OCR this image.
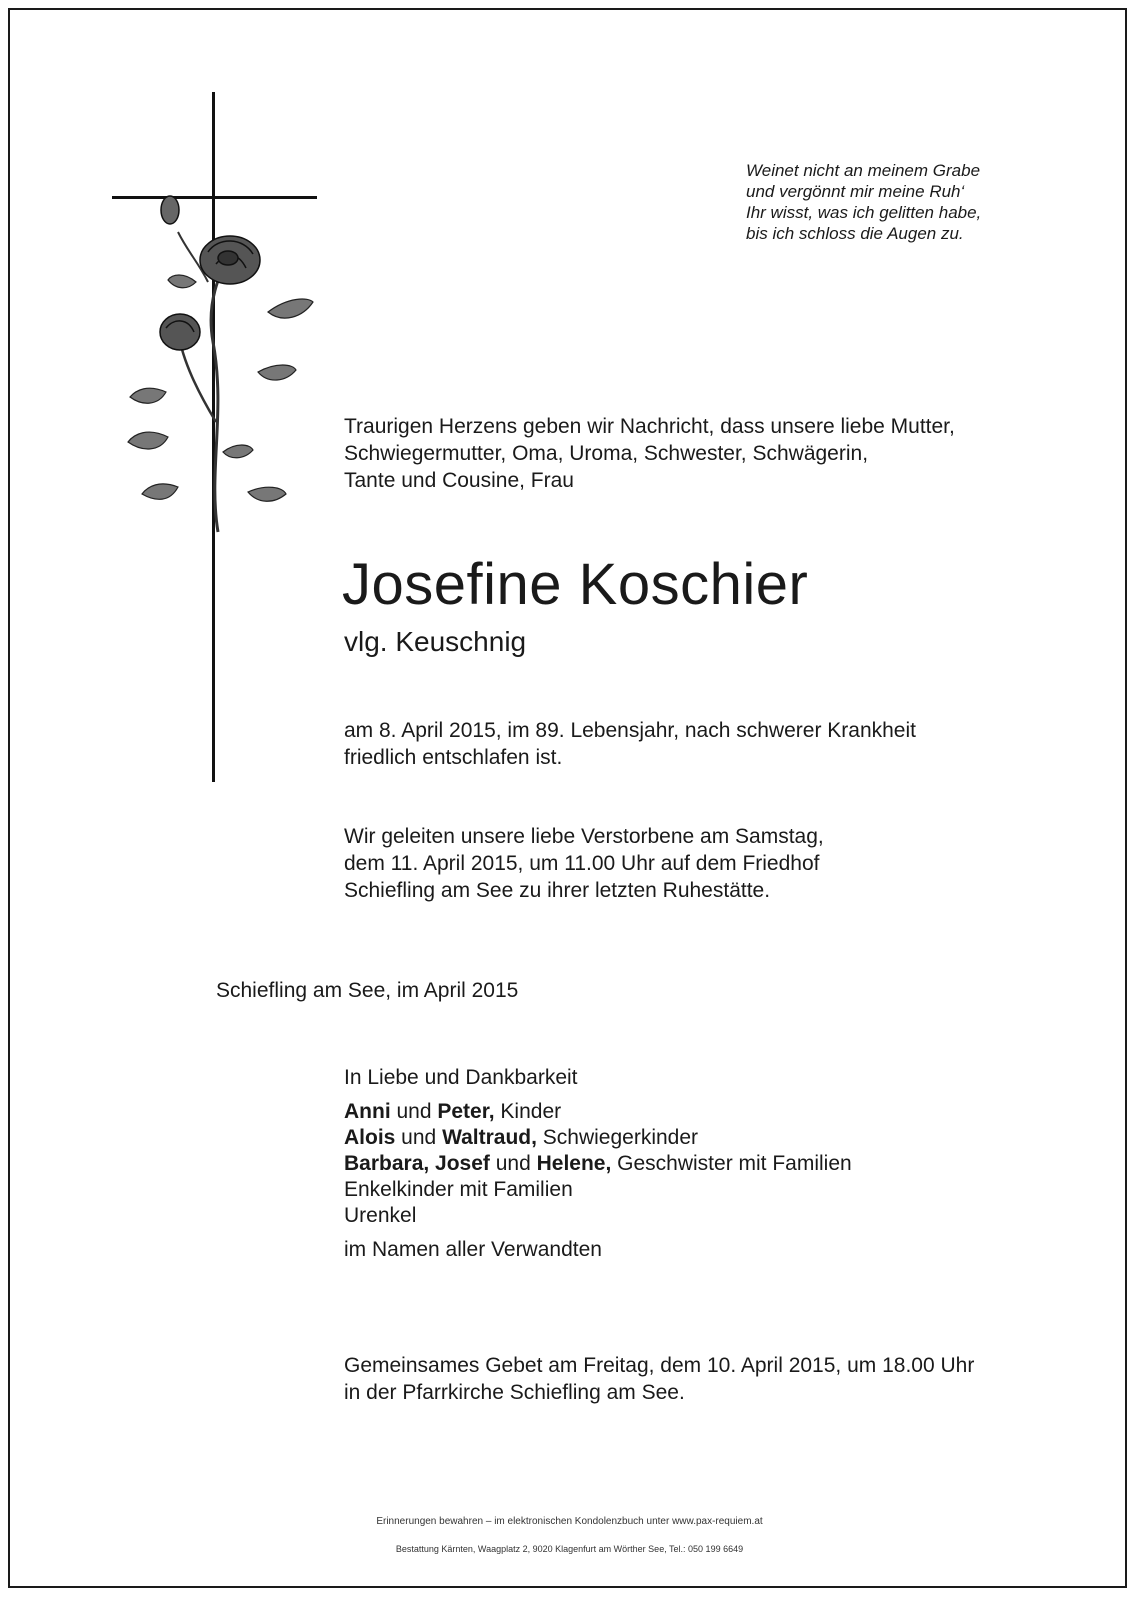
Weinet nicht an meinem Grabe
und vergönnt mir meine Ruh‘
Ihr wisst, was ich gelitten habe,
bis ich schloss die Augen zu.
Traurigen Herzens geben wir Nachricht, dass unsere liebe Mutter,
Schwiegermutter, Oma, Uroma, Schwester, Schwägerin,
Tante und Cousine, Frau
Josefine Koschier
vlg. Keuschnig
am 8. April 2015, im 89. Lebensjahr, nach schwerer Krankheit
friedlich entschlafen ist.
Wir geleiten unsere liebe Verstorbene am Samstag,
dem 11. April 2015, um 11.00 Uhr auf dem Friedhof
Schiefling am See zu ihrer letzten Ruhestätte.
Schiefling am See, im April 2015
In Liebe und Dankbarkeit
Anni und Peter, Kinder
Alois und Waltraud, Schwiegerkinder
Barbara, Josef und Helene, Geschwister mit Familien
Enkelkinder mit Familien
Urenkel
im Namen aller Verwandten
Gemeinsames Gebet am Freitag, dem 10. April 2015, um 18.00 Uhr
in der Pfarrkirche Schiefling am See.
Erinnerungen bewahren – im elektronischen Kondolenzbuch unter www.pax-requiem.at
Bestattung Kärnten, Waagplatz 2, 9020 Klagenfurt am Wörther See, Tel.: 050 199 6649
